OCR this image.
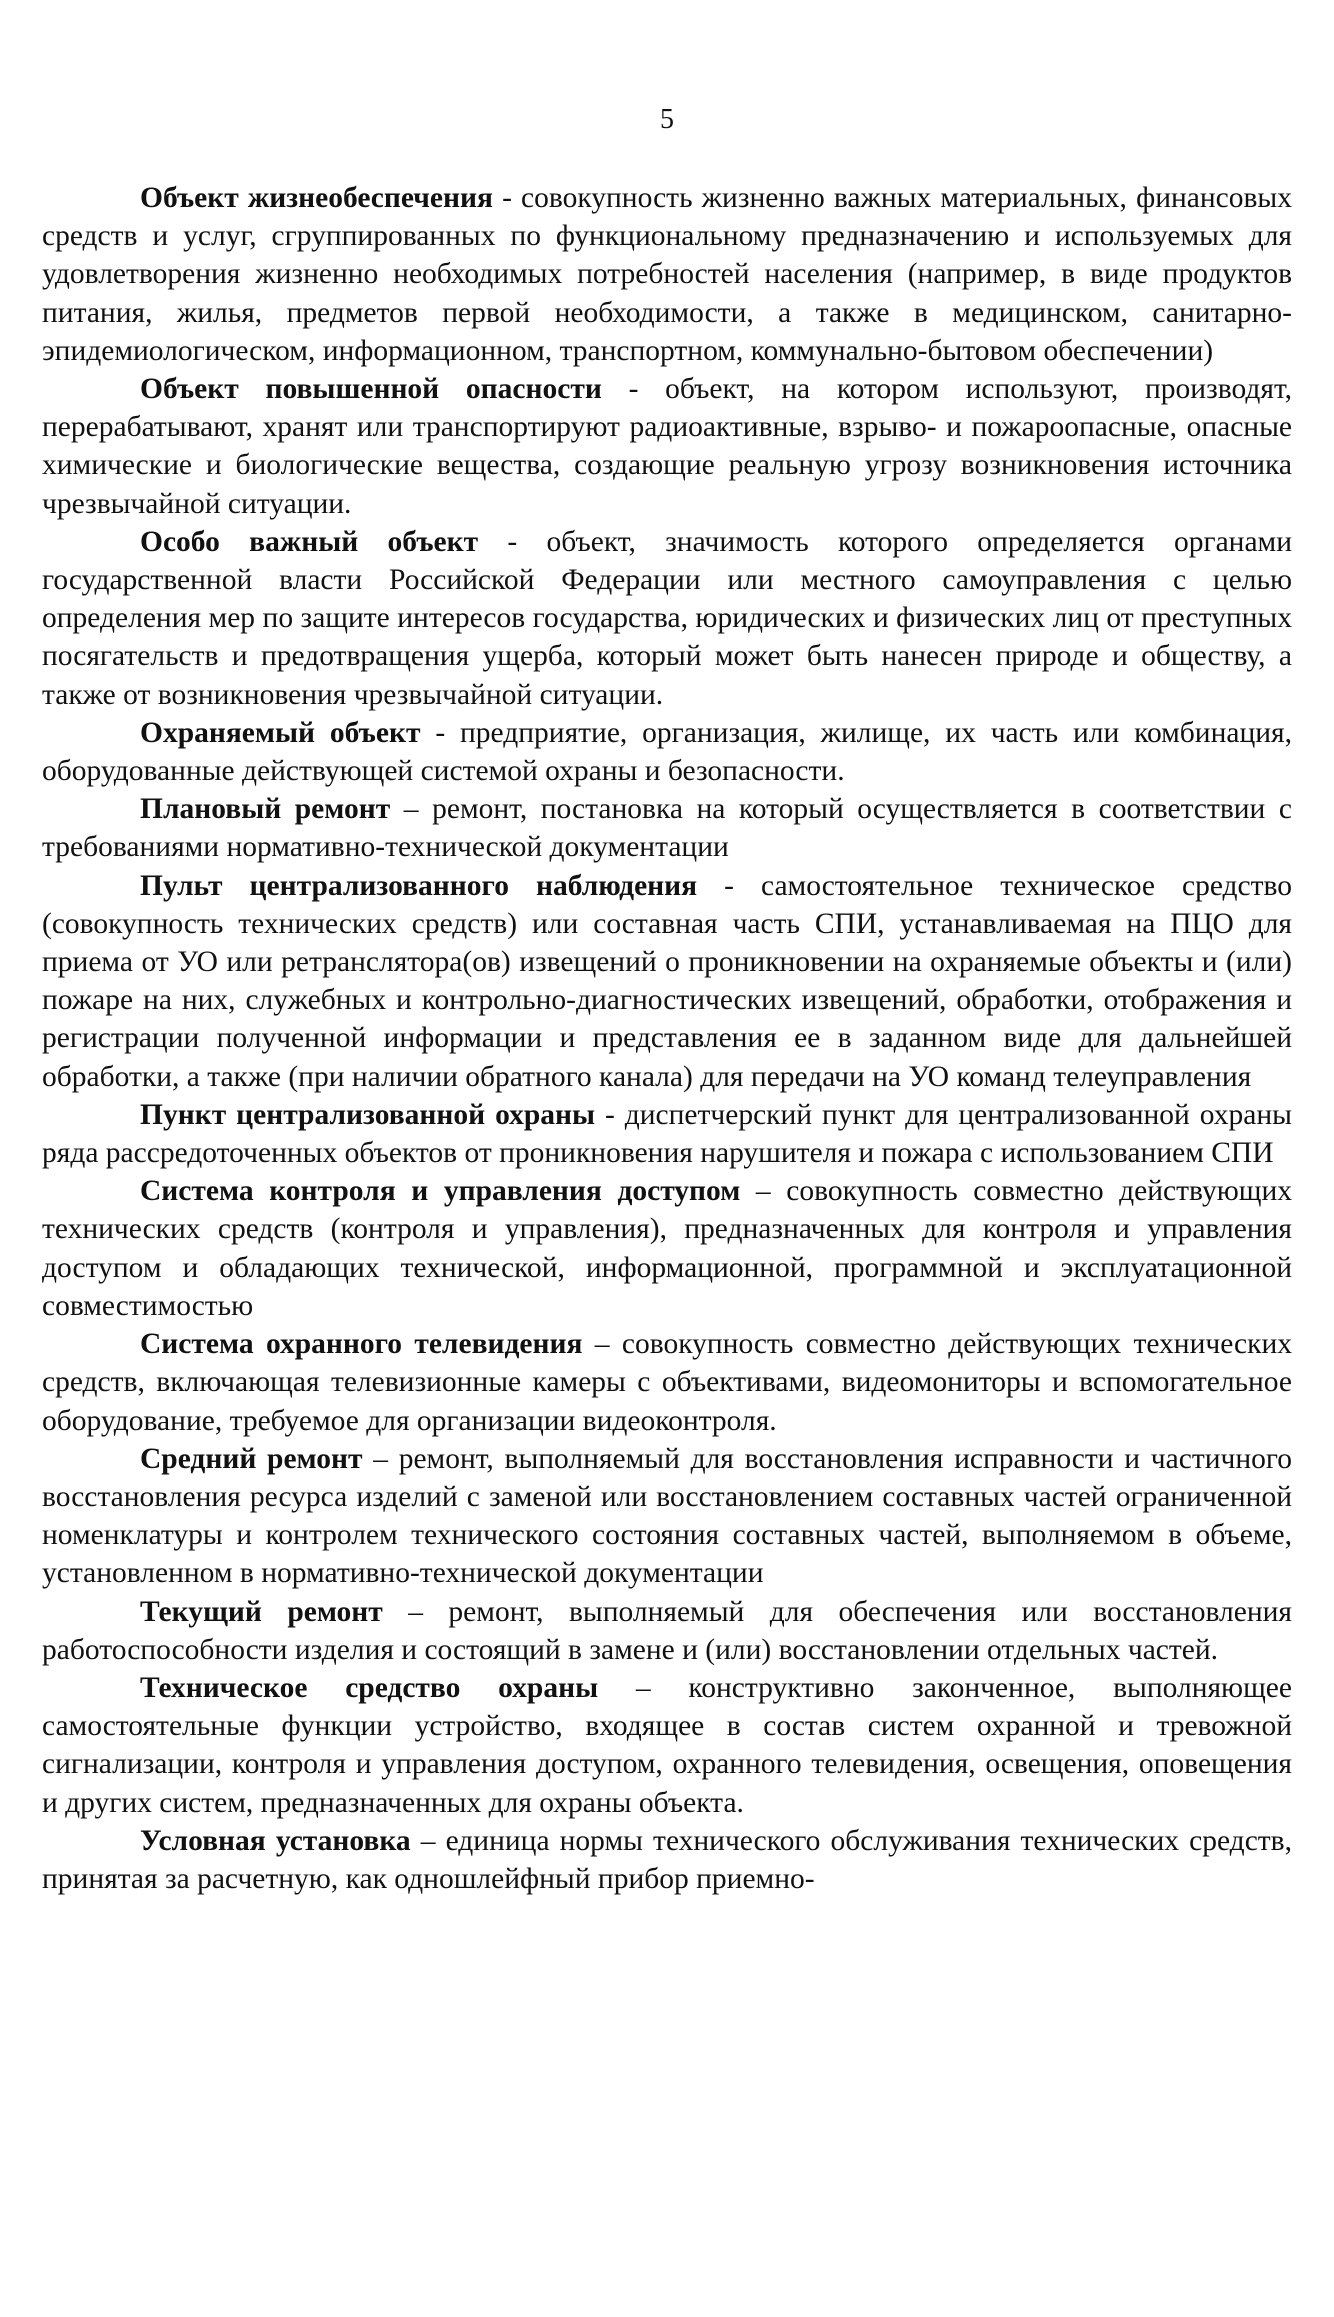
5

Объект жизнеобеспечения - совокупность жизненно важных материальных, финансовых средств и услуг, сгруппированных по функциональному предназначению и используемых для удовлетворения жизненно необходимых потребностей населения (например, в виде продуктов питания, жилья, предметов первой необходимости, а также в медицинском, санитарно-эпидемиологическом, информационном, транспортном, коммунально-бытовом обеспечении)

Объект повышенной опасности - объект, на котором используют, производят, перерабатывают, хранят или транспортируют радиоактивные, взрыво- и пожароопасные, опасные химические и биологические вещества, создающие реальную угрозу возникновения источника чрезвычайной ситуации.

Особо важный объект - объект, значимость которого определяется органами государственной власти Российской Федерации или местного самоуправления с целью определения мер по защите интересов государства, юридических и физических лиц от преступных посягательств и предотвращения ущерба, который может быть нанесен природе и обществу, а также от возникновения чрезвычайной ситуации.

Охраняемый объект - предприятие, организация, жилище, их часть или комбинация, оборудованные действующей системой охраны и безопасности.

Плановый ремонт – ремонт, постановка на который осуществляется в соответствии с требованиями нормативно-технической документации

Пульт централизованного наблюдения - самостоятельное техническое средство (совокупность технических средств) или составная часть СПИ, устанавливаемая на ПЦО для приема от УО или ретранслятора(ов) извещений о проникновении на охраняемые объекты и (или) пожаре на них, служебных и контрольно-диагностических извещений, обработки, отображения и регистрации полученной информации и представления ее в заданном виде для дальнейшей обработки, а также (при наличии обратного канала) для передачи на УО команд телеуправления

Пункт централизованной охраны - диспетчерский пункт для централизованной охраны ряда рассредоточенных объектов от проникновения нарушителя и пожара с использованием СПИ

Система контроля и управления доступом – совокупность совместно действующих технических средств (контроля и управления), предназначенных для контроля и управления доступом и обладающих технической, информационной, программной и эксплуатационной совместимостью

Система охранного телевидения – совокупность совместно действующих технических средств, включающая телевизионные камеры с объективами, видеомониторы и вспомогательное оборудование, требуемое для организации видеоконтроля.

Средний ремонт – ремонт, выполняемый для восстановления исправности и частичного восстановления ресурса изделий с заменой или восстановлением составных частей ограниченной номенклатуры и контролем технического состояния составных частей, выполняемом в объеме, установленном в нормативно-технической документации

Текущий ремонт – ремонт, выполняемый для обеспечения или восстановления работоспособности изделия и состоящий в замене и (или) восстановлении отдельных частей.

Техническое средство охраны – конструктивно законченное, выполняющее самостоятельные функции устройство, входящее в состав систем охранной и тревожной сигнализации, контроля и управления доступом, охранного телевидения, освещения, оповещения и других систем, предназначенных для охраны объекта.

Условная установка – единица нормы технического обслуживания технических средств, принятая за расчетную, как одношлейфный прибор приемно-
